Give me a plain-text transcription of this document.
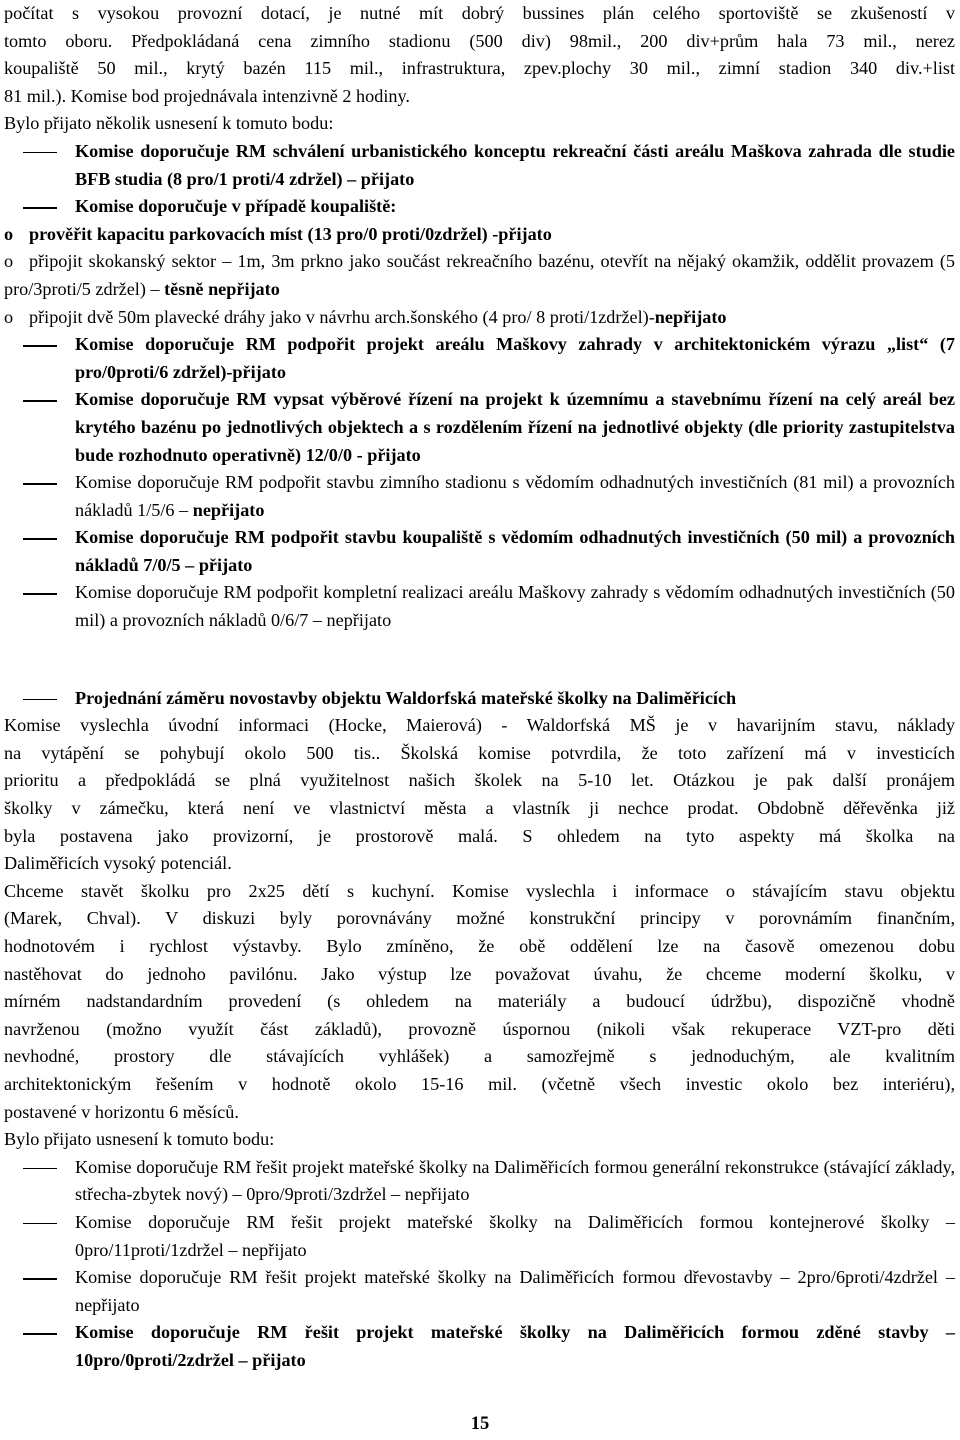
počítat s vysokou provozní dotací, je nutné mít dobrý bussines plán celého sportoviště se zkušeností v
tomto oboru. Předpokládaná cena zimního stadionu (500 div) 98mil., 200 div+prům hala 73 mil., nerez
koupaliště 50 mil., krytý bazén 115 mil., infrastruktura, zpev.plochy 30 mil., zimní stadion 340 div.+list
81 mil.). Komise bod projednávala intenzivně 2 hodiny.

Bylo přijato několik usnesení k tomuto bodu:

Komise doporučuje RM schválení urbanistického konceptu rekreační části areálu Maškova zahrada dle studie BFB studia (8 pro/1 proti/4 zdržel) – přijato
Komise doporučuje v případě koupaliště:
o prověřit kapacitu parkovacích míst (13 pro/0 proti/0zdržel) -přijato
o připojit skokanský sektor – 1m, 3m prkno jako součást rekreačního bazénu, otevřít na nějaký okamžik, oddělit provazem (5 pro/3proti/5 zdržel) – těsně nepřijato
o připojit dvě 50m plavecké dráhy jako v návrhu arch.šonského (4 pro/ 8 proti/1zdržel)-nepřijato
Komise doporučuje RM podpořit projekt areálu Maškovy zahrady v architektonickém výrazu „list“ (7 pro/0proti/6 zdržel)-přijato
Komise doporučuje RM vypsat výběrové řízení na projekt k územnímu a stavebnímu řízení na celý areál bez krytého bazénu po jednotlivých objektech a s rozdělením řízení na jednotlivé objekty (dle priority zastupitelstva bude rozhodnuto operativně) 12/0/0 - přijato
Komise doporučuje RM podpořit stavbu zimního stadionu s vědomím odhadnutých investičních (81 mil) a provozních nákladů 1/5/6 – nepřijato
Komise doporučuje RM podpořit stavbu koupaliště s vědomím odhadnutých investičních (50 mil) a provozních nákladů 7/0/5 – přijato
Komise doporučuje RM podpořit kompletní realizaci areálu Maškovy zahrady s vědomím odhadnutých investičních (50 mil) a provozních nákladů 0/6/7 – nepřijato
Projednání záměru novostavby objektu Waldorfská mateřské školky na Daliměřicích

Komise vyslechla úvodní informaci (Hocke, Maierová) - Waldorfská MŠ je v havarijním stavu, náklady
na vytápění se pohybují okolo 500 tis.. Školská komise potvrdila, že toto zařízení má v investicích
prioritu a předpokládá se plná využitelnost našich školek na 5-10 let. Otázkou je pak další pronájem
školky v zámečku, která není ve vlastnictví města a vlastník ji nechce prodat. Obdobně děřevěnka již
byla postavena jako provizorní, je prostorově malá. S ohledem na tyto aspekty má školka na
Daliměřicích vysoký potenciál.

Chceme stavět školku pro 2x25 dětí s kuchyní. Komise vyslechla i informace o stávajícím stavu objektu
(Marek, Chval). V diskuzi byly porovnávány možné konstrukční principy v porovnámím finančním,
hodnotovém i rychlost výstavby. Bylo zmíněno, že obě oddělení lze na časově omezenou dobu
nastěhovat do jednoho pavilónu. Jako výstup lze považovat úvahu, že chceme moderní školku, v
mírném nadstandardním provedení (s ohledem na materiály a budoucí údržbu), dispozičně vhodně
navrženou (možno využít část základů), provozně úspornou (nikoli však rekuperace VZT-pro děti
nevhodné, prostory dle stávajících vyhlášek) a samozřejmě s jednoduchým, ale kvalitním
architektonickým řešením v hodnotě okolo 15-16 mil. (včetně všech investic okolo bez interiéru),
postavené v horizontu 6 měsíců.

Bylo přijato usnesení k tomuto bodu:

Komise doporučuje RM řešit projekt mateřské školky na Daliměřicích formou generální rekonstrukce (stávající základy, střecha-zbytek nový) – 0pro/9proti/3zdržel – nepřijato
Komise doporučuje RM řešit projekt mateřské školky na Daliměřicích formou kontejnerové školky – 0pro/11proti/1zdržel – nepřijato
Komise doporučuje RM řešit projekt mateřské školky na Daliměřicích formou dřevostavby – 2pro/6proti/4zdržel – nepřijato
Komise doporučuje RM řešit projekt mateřské školky na Daliměřicích formou zděné stavby – 10pro/0proti/2zdržel – přijato
15
